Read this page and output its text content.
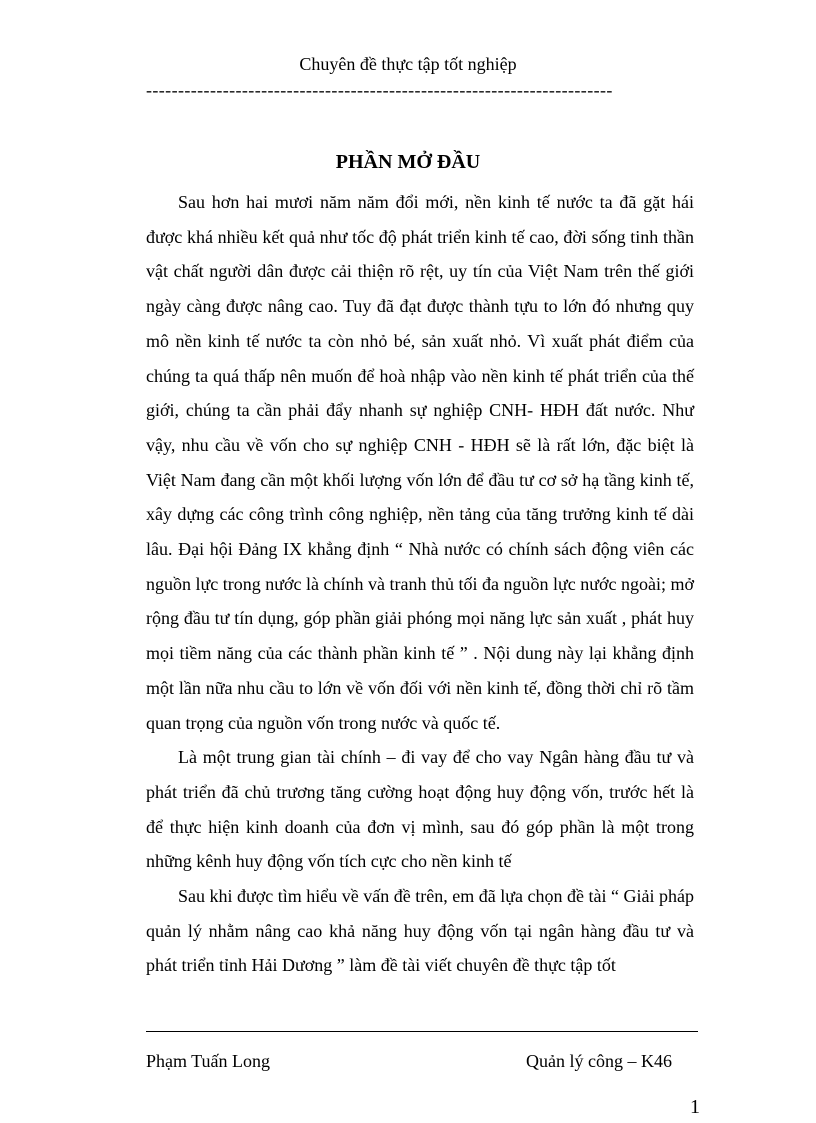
Chuyên đề thực tập tốt nghiệp
-------------------------------------------------------------------------
PHẦN MỞ ĐẦU

Sau hơn hai mươi năm năm đổi mới, nền kinh tế nước ta đã gặt hái được khá nhiều kết quả như tốc độ phát triển kinh tế cao, đời sống tinh thần vật chất người dân được cải thiện rõ rệt, uy tín của Việt Nam trên thế giới ngày càng được nâng cao. Tuy đã đạt được thành tựu to lớn đó nhưng quy mô nền kinh tế nước ta còn nhỏ bé, sản xuất nhỏ. Vì xuất phát điểm của chúng ta quá thấp nên muốn để hoà nhập vào nền kinh tế phát triển của thế giới, chúng ta cần phải đẩy nhanh sự nghiệp CNH- HĐH đất nước. Như vậy, nhu cầu về vốn cho sự nghiệp CNH - HĐH sẽ là rất lớn, đặc biệt là Việt Nam đang cần một khối lượng vốn lớn để đầu tư cơ sở hạ tầng kinh tế, xây dựng các công trình công nghiệp, nền tảng của tăng trưởng kinh tế dài lâu. Đại hội Đảng IX khẳng định “ Nhà nước có chính sách động viên các nguồn lực trong nước là chính và tranh thủ tối đa nguồn lực nước ngoài; mở rộng đầu tư tín dụng, góp phần giải phóng mọi năng lực sản xuất , phát huy mọi tiềm năng của các thành phần kinh tế ” . Nội dung này lại khẳng định một lần nữa nhu cầu to lớn về vốn đối với nền kinh tế, đồng thời chỉ rõ tầm quan trọng của nguồn vốn trong nước và quốc tế.

Là một trung gian tài chính – đi vay để cho vay Ngân hàng đầu tư và phát triển đã chủ trương tăng cường hoạt động huy động vốn, trước hết là để thực hiện kinh doanh của đơn vị mình, sau đó góp phần là một trong những kênh huy động vốn tích cực cho nền kinh tế

Sau khi được tìm hiểu về vấn đề trên, em đã lựa chọn đề tài “ Giải pháp quản lý nhằm nâng cao khả năng huy động vốn tại ngân hàng đầu tư và phát triển tỉnh Hải Dương ” làm đề tài viết chuyên đề thực tập tốt

Phạm Tuấn Long	Quản lý công – K46
1
